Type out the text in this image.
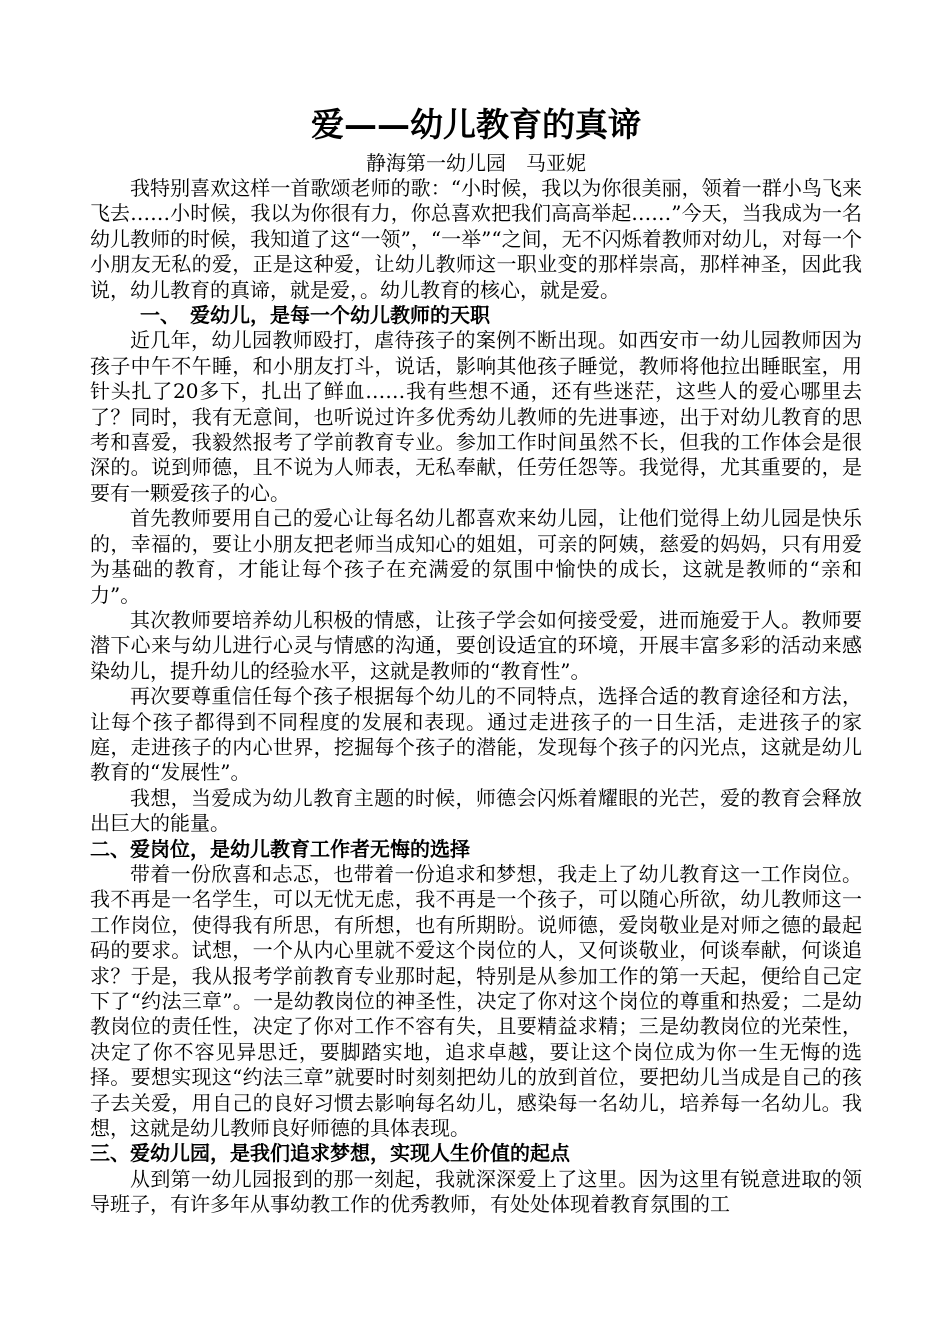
爱——幼儿教育的真谛
静海第一幼儿园　马亚妮

我特别喜欢这样一首歌颂老师的歌：“小时候，我以为你很美丽，领着一群小鸟飞来飞去……小时候，我以为你很有力，你总喜欢把我们高高举起……”今天，当我成为一名幼儿教师的时候，我知道了这“一领”，“一举”“之间，无不闪烁着教师对幼儿，对每一个小朋友无私的爱，正是这种爱，让幼儿教师这一职业变的那样崇高，那样神圣，因此我说，幼儿教育的真谛，就是爱，。幼儿教育的核心，就是爱。

一、　爱幼儿，是每一个幼儿教师的天职

近几年，幼儿园教师殴打，虐待孩子的案例不断出现。如西安市一幼儿园教师因为孩子中午不午睡，和小朋友打斗，说话，影响其他孩子睡觉，教师将他拉出睡眠室，用针头扎了20多下，扎出了鲜血……我有些想不通，还有些迷茫，这些人的爱心哪里去了？同时，我有无意间，也听说过许多优秀幼儿教师的先进事迹，出于对幼儿教育的思考和喜爱，我毅然报考了学前教育专业。参加工作时间虽然不长，但我的工作体会是很深的。说到师德，且不说为人师表，无私奉献，任劳任怨等。我觉得，尤其重要的，是要有一颗爱孩子的心。

首先教师要用自己的爱心让每名幼儿都喜欢来幼儿园，让他们觉得上幼儿园是快乐的，幸福的，要让小朋友把老师当成知心的姐姐，可亲的阿姨，慈爱的妈妈，只有用爱为基础的教育，才能让每个孩子在充满爱的氛围中愉快的成长，这就是教师的“亲和力”。

其次教师要培养幼儿积极的情感，让孩子学会如何接受爱，进而施爱于人。教师要潜下心来与幼儿进行心灵与情感的沟通，要创设适宜的环境，开展丰富多彩的活动来感染幼儿，提升幼儿的经验水平，这就是教师的“教育性”。

再次要尊重信任每个孩子根据每个幼儿的不同特点，选择合适的教育途径和方法，让每个孩子都得到不同程度的发展和表现。通过走进孩子的一日生活，走进孩子的家庭，走进孩子的内心世界，挖掘每个孩子的潜能，发现每个孩子的闪光点，这就是幼儿教育的“发展性”。

我想，当爱成为幼儿教育主题的时候，师德会闪烁着耀眼的光芒，爱的教育会释放出巨大的能量。

二、爱岗位，是幼儿教育工作者无悔的选择

带着一份欣喜和忐忑，也带着一份追求和梦想，我走上了幼儿教育这一工作岗位。我不再是一名学生，可以无忧无虑，我不再是一个孩子，可以随心所欲，幼儿教师这一工作岗位，使得我有所思，有所想，也有所期盼。说师德，爱岗敬业是对师之德的最起码的要求。试想，一个从内心里就不爱这个岗位的人，又何谈敬业，何谈奉献，何谈追求？于是，我从报考学前教育专业那时起，特别是从参加工作的第一天起，便给自己定下了“约法三章”。一是幼教岗位的神圣性，决定了你对这个岗位的尊重和热爱；二是幼教岗位的责任性，决定了你对工作不容有失，且要精益求精；三是幼教岗位的光荣性，决定了你不容见异思迁，要脚踏实地，追求卓越，要让这个岗位成为你一生无悔的选择。要想实现这“约法三章”就要时时刻刻把幼儿的放到首位，要把幼儿当成是自己的孩子去关爱，用自己的良好习惯去影响每名幼儿，感染每一名幼儿，培养每一名幼儿。我想，这就是幼儿教师良好师德的具体表现。

三、爱幼儿园，是我们追求梦想，实现人生价值的起点

从到第一幼儿园报到的那一刻起，我就深深爱上了这里。因为这里有锐意进取的领导班子，有许多年从事幼教工作的优秀教师，有处处体现着教育氛围的工
